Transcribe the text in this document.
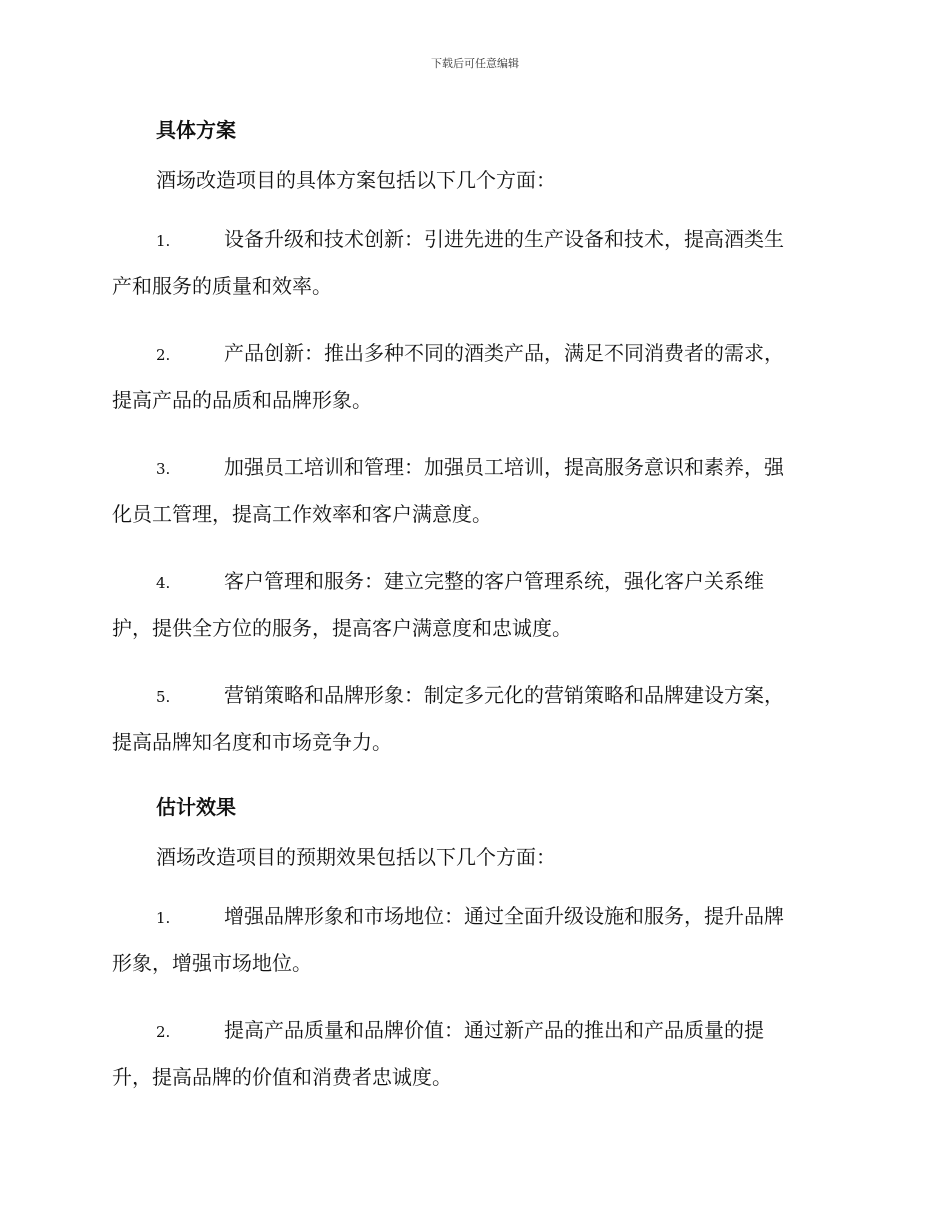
下载后可任意编辑
具体方案

酒场改造项目的具体方案包括以下几个方面：

1.	设备升级和技术创新：引进先进的生产设备和技术，提高酒类生
产和服务的质量和效率。
2.	产品创新：推出多种不同的酒类产品，满足不同消费者的需求，
提高产品的品质和品牌形象。
3.	加强员工培训和管理：加强员工培训，提高服务意识和素养，强
化员工管理，提高工作效率和客户满意度。
4.	客户管理和服务：建立完整的客户管理系统，强化客户关系维
护，提供全方位的服务，提高客户满意度和忠诚度。
5.	营销策略和品牌形象：制定多元化的营销策略和品牌建设方案，
提高品牌知名度和市场竞争力。
估计效果

酒场改造项目的预期效果包括以下几个方面：

1.	增强品牌形象和市场地位：通过全面升级设施和服务，提升品牌
形象，增强市场地位。
2.	提高产品质量和品牌价值：通过新产品的推出和产品质量的提
升，提高品牌的价值和消费者忠诚度。
